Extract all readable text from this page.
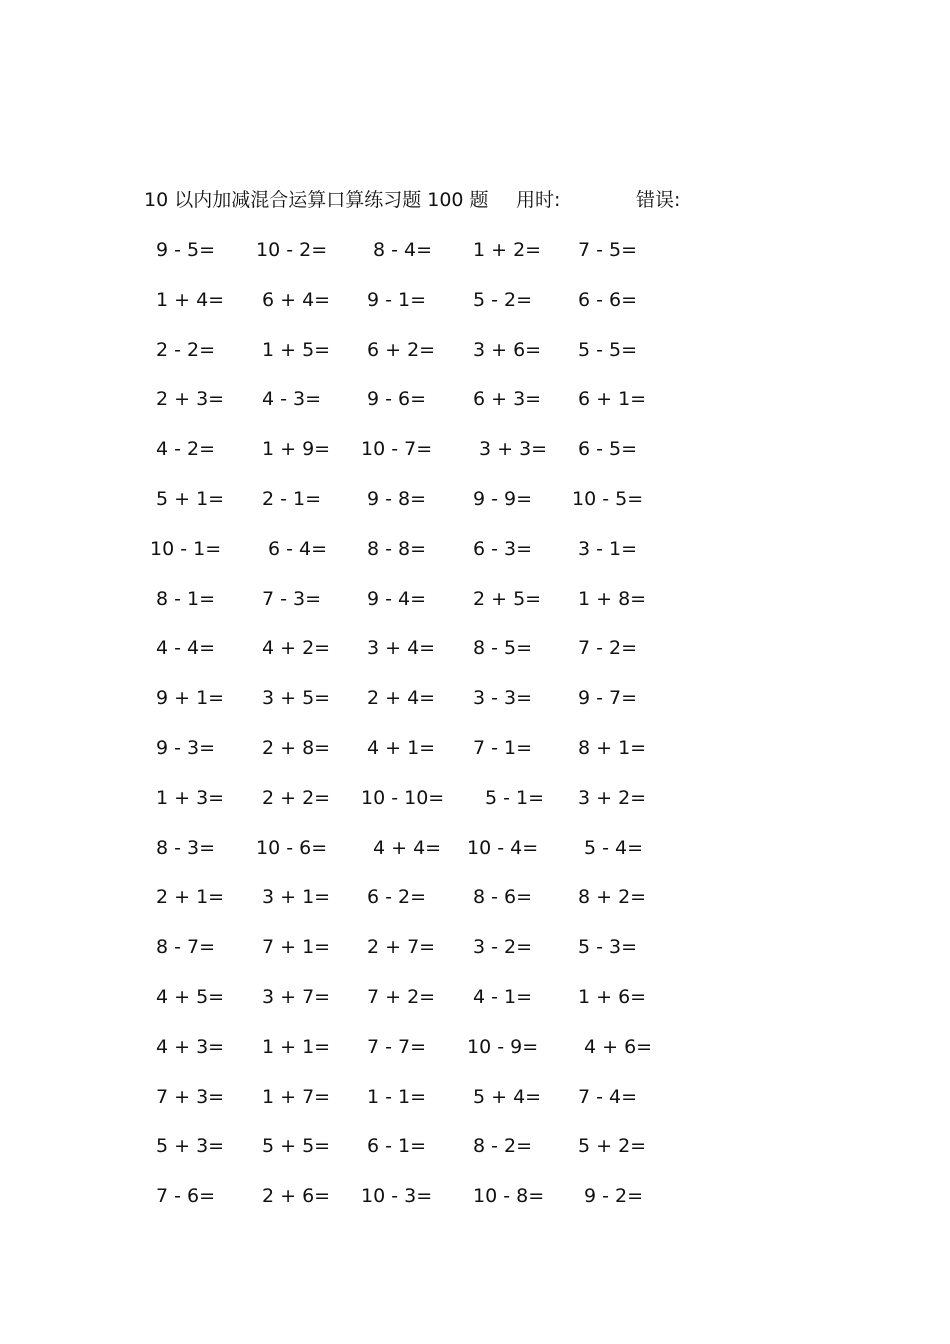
10 以内加减混合运算口算练习题 100 题 用时:	错误:
9 - 5= 10 - 2= 8 - 4= 1 + 2= 7 - 5=
1 + 4= 6 + 4= 9 - 1= 5 - 2= 6 - 6=
2 - 2= 1 + 5= 6 + 2= 3 + 6= 5 - 5=
2 + 3= 4 - 3= 9 - 6= 6 + 3= 6 + 1=
4 - 2= 1 + 9= 10 - 7= 3 + 3= 6 - 5=
5 + 1= 2 - 1= 9 - 8= 9 - 9= 10 - 5=
10 - 1= 6 - 4= 8 - 8= 6 - 3= 3 - 1=
8 - 1= 7 - 3= 9 - 4= 2 + 5= 1 + 8=
4 - 4= 4 + 2= 3 + 4= 8 - 5= 7 - 2=
9 + 1= 3 + 5= 2 + 4= 3 - 3= 9 - 7=
9 - 3= 2 + 8= 4 + 1= 7 - 1= 8 + 1=
1 + 3= 2 + 2= 10 - 10= 5 - 1= 3 + 2=
8 - 3= 10 - 6= 4 + 4= 10 - 4= 5 - 4=
2 + 1= 3 + 1= 6 - 2= 8 - 6= 8 + 2=
8 - 7= 7 + 1= 2 + 7= 3 - 2= 5 - 3=
4 + 5= 3 + 7= 7 + 2= 4 - 1= 1 + 6=
4 + 3= 1 + 1= 7 - 7= 10 - 9= 4 + 6=
7 + 3= 1 + 7= 1 - 1= 5 + 4= 7 - 4=
5 + 3= 5 + 5= 6 - 1= 8 - 2= 5 + 2=
7 - 6= 2 + 6= 10 - 3= 10 - 8= 9 - 2=
